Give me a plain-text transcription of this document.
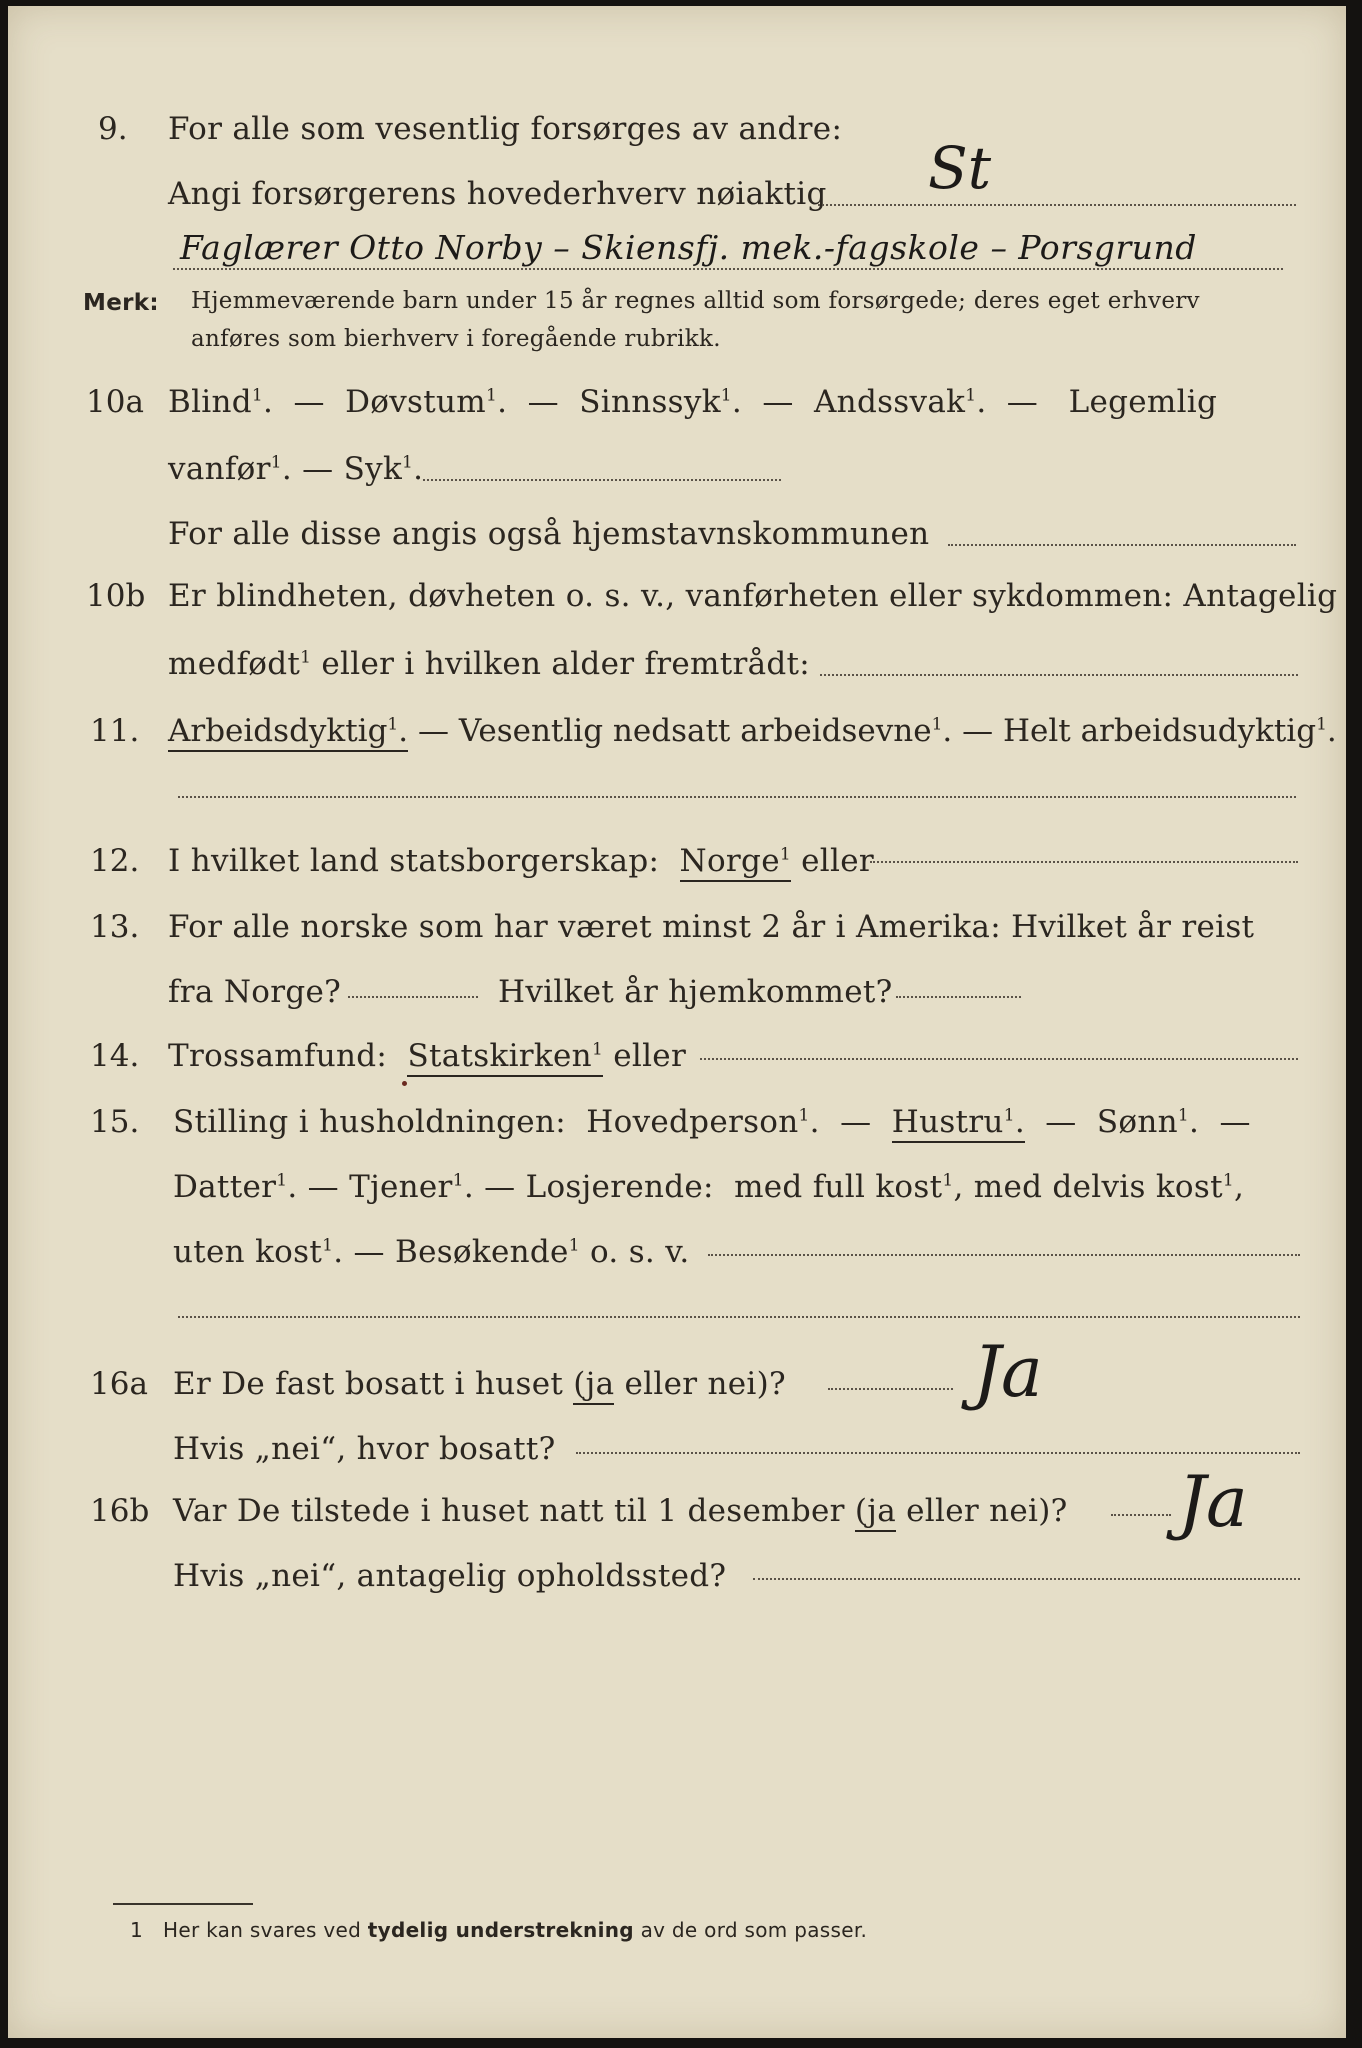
9. For alle som vesentlig forsørges av andre:
Angi forsørgerens hovederhverv nøiaktig St
Faglærer Otto Norby – Skiensfj. mek.-fagskole – Porsgrund
Merk: Hjemmeværende barn under 15 år regnes alltid som forsørgede; deres eget erhverv
anføres som bierhverv i foregående rubrikk.
10a Blind$^1$.  —  Døvstum$^1$.  —  Sinnssyk$^1$.  —  Andssvak$^1$.  —   Legemlig
vanfør$^1$. — Syk$^1$.
For alle disse angis også hjemstavnskommunen
10b Er blindheten, døvheten o. s. v., vanførheten eller sykdommen: Antagelig
medfødt$^1$ eller i hvilken alder fremtrådt:
11. Arbeidsdyktig$^1$. — Vesentlig nedsatt arbeidsevne$^1$. — Helt arbeidsudyktig$^1$.
12. I hvilket land statsborgerskap: Norge$^1$ eller
13. For alle norske som har været minst 2 år i Amerika: Hvilket år reist
fra Norge?	Hvilket år hjemkommet?
14. Trossamfund: Statskirken$^1$ eller
15. Stilling i husholdningen: Hovedperson$^1$.  —  Hustru$^1$.  —  Sønn$^1$.  —
Datter$^1$. — Tjener$^1$. — Losjerende: med full kost$^1$, med delvis kost$^1$,
uten kost$^1$. — Besøkende$^1$ o. s. v.
16a Er De fast bosatt i huset (ja eller nei)?	Ja
Hvis „nei“, hvor bosatt?
16b Var De tilstede i huset natt til 1 desember (ja eller nei)? Ja
Hvis „nei“, antagelig opholdssted?
1 Her kan svares ved tydelig understrekning av de ord som passer.
